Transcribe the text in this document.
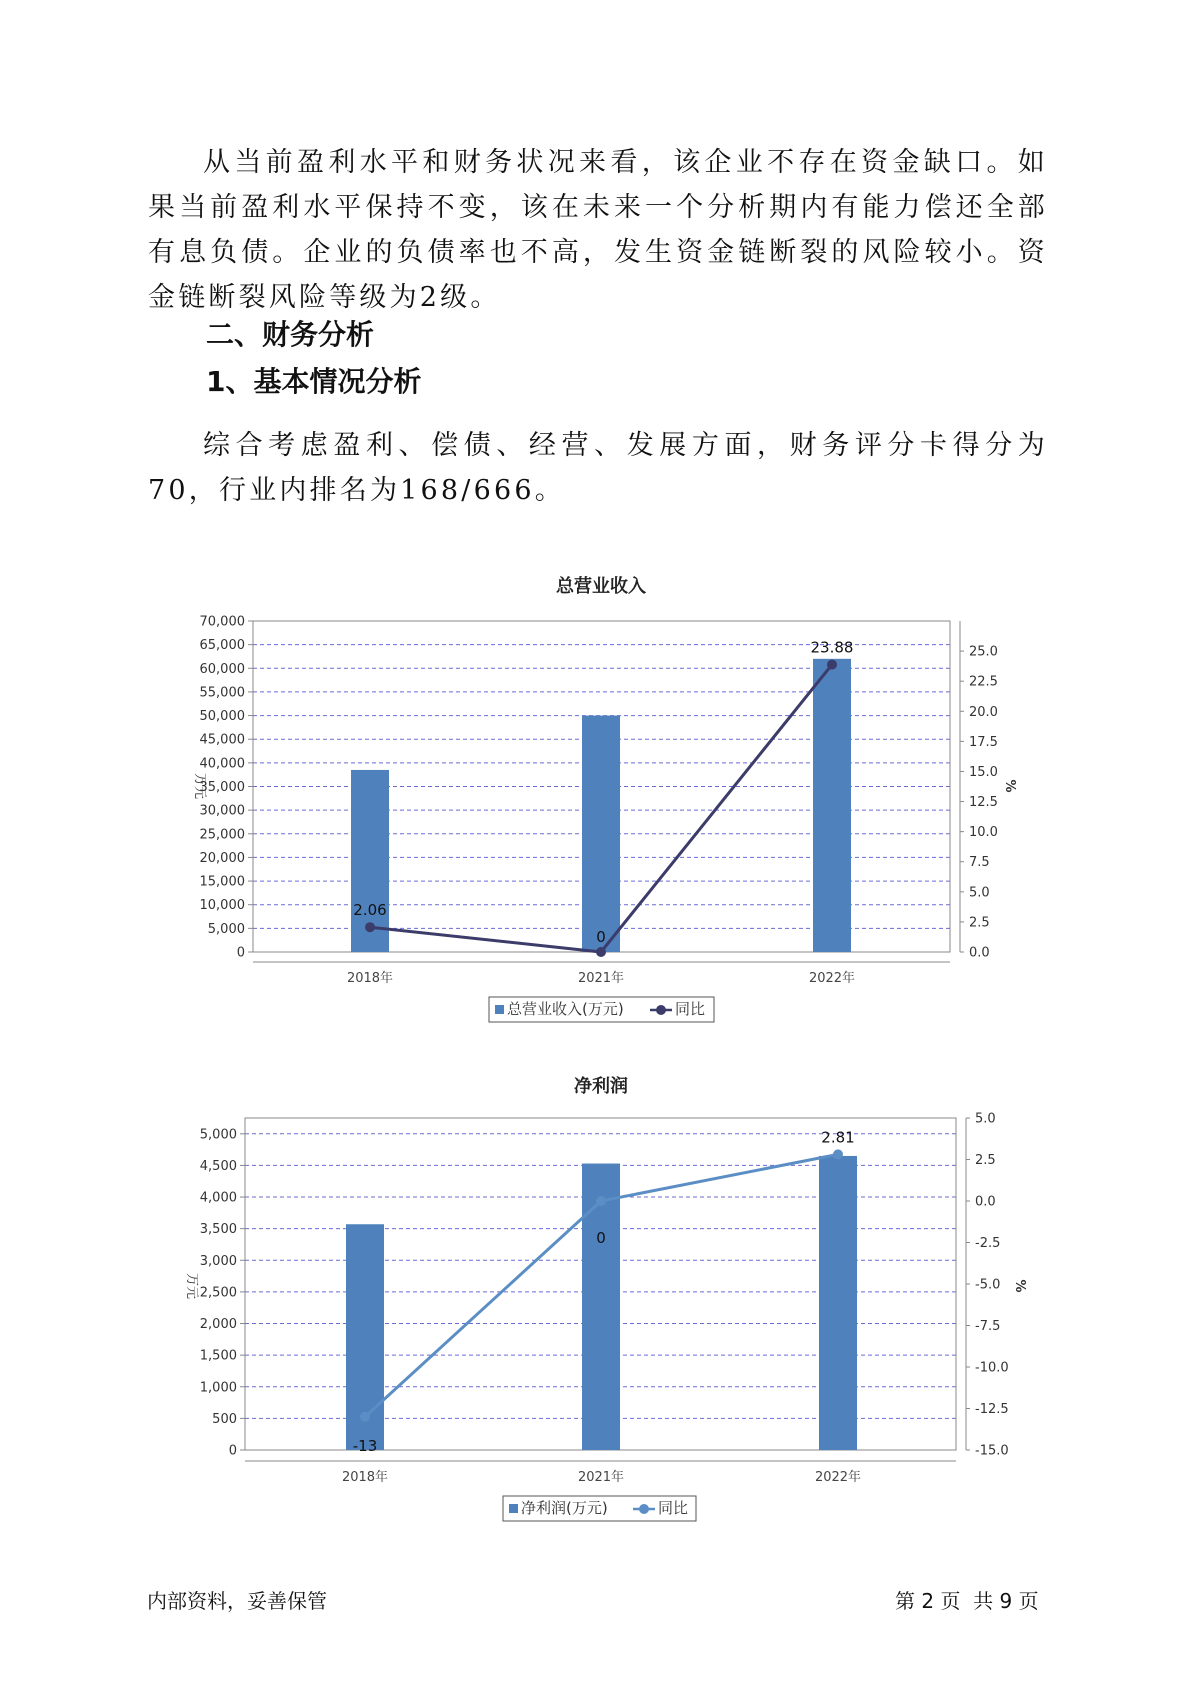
从当前盈利水平和财务状况来看，该企业不存在资金缺口。如果当前盈利水平保持不变，该在未来一个分析期内有能力偿还全部有息负债。企业的负债率也不高，发生资金链断裂的风险较小。资金链断裂风险等级为2级。

二、财务分析
1、基本情况分析

综合考虑盈利、偿债、经营、发展方面，财务评分卡得分为70，行业内排名为168/666。

总营业收入
0
5,000
10,000
15,000
20,000
25,000
30,000
35,000
40,000
45,000
50,000
55,000
60,000
65,000
70,000
0.0
2.5
5.0
7.5
10.0
12.5
15.0
17.5
20.0
22.5
25.0
2018年	2021年	2022年
2.06
0
23.88
万元	%
总营业收入(万元)	同比
净利润
0
500
1,000
1,500
2,000
2,500
3,000
3,500
4,000
4,500
5,000
-15.0
-12.5
-10.0
-7.5
-5.0
-2.5
0.0
2.5
5.0
2018年	2021年	2022年
-13
0
2.81
万元	%
净利润(万元)	同比
内部资料，妥善保管	第 2 页  共 9 页
